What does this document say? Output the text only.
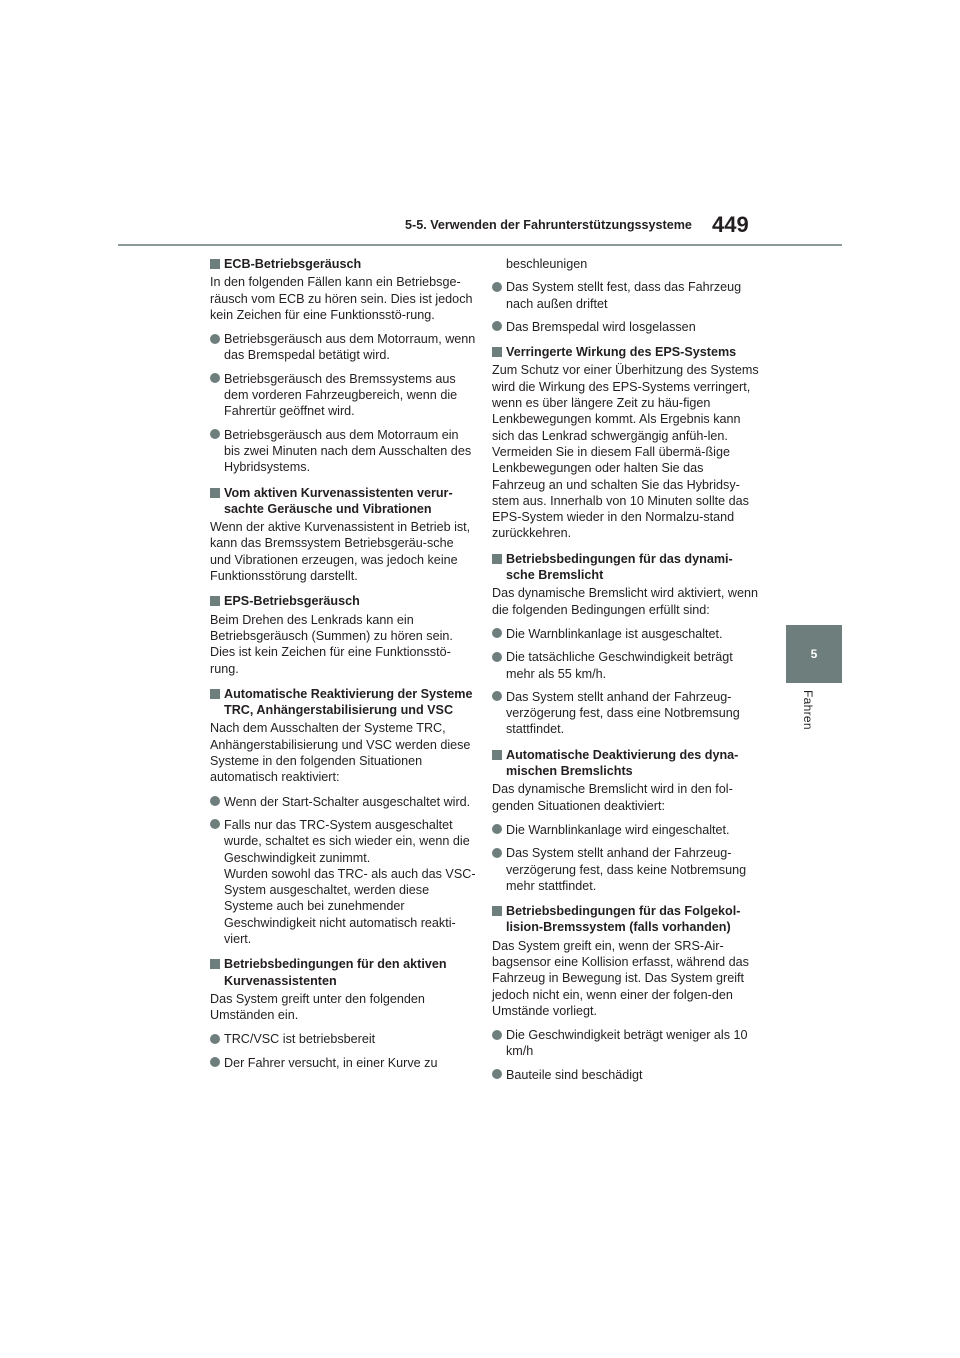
5-5. Verwenden der Fahrunterstützungssysteme 449
5
Fahren
ECB-Betriebsgeräusch

In den folgenden Fällen kann ein Betriebsge-räusch vom ECB zu hören sein. Dies ist jedoch kein Zeichen für eine Funktionsstö-rung.

Betriebsgeräusch aus dem Motorraum, wenn das Bremspedal betätigt wird.
Betriebsgeräusch des Bremssystems aus dem vorderen Fahrzeugbereich, wenn die Fahrertür geöffnet wird.
Betriebsgeräusch aus dem Motorraum ein bis zwei Minuten nach dem Ausschalten des Hybridsystems.
Vom aktiven Kurvenassistenten verur-sachte Geräusche und Vibrationen

Wenn der aktive Kurvenassistent in Betrieb ist, kann das Bremssystem Betriebsgeräu-sche und Vibrationen erzeugen, was jedoch keine Funktionsstörung darstellt.

EPS-Betriebsgeräusch

Beim Drehen des Lenkrads kann ein Betriebsgeräusch (Summen) zu hören sein. Dies ist kein Zeichen für eine Funktionsstö-rung.

Automatische Reaktivierung der Systeme TRC, Anhängerstabilisierung und VSC

Nach dem Ausschalten der Systeme TRC, Anhängerstabilisierung und VSC werden diese Systeme in den folgenden Situationen automatisch reaktiviert:

Wenn der Start-Schalter ausgeschaltet wird.
Falls nur das TRC-System ausgeschaltet wurde, schaltet es sich wieder ein, wenn die Geschwindigkeit zunimmt.

Wurden sowohl das TRC- als auch das VSC-System ausgeschaltet, werden diese Systeme auch bei zunehmender Geschwindigkeit nicht automatisch reakti-viert.

Betriebsbedingungen für den aktiven Kurvenassistenten

Das System greift unter den folgenden Umständen ein.

TRC/VSC ist betriebsbereit
Der Fahrer versucht, in einer Kurve zu

beschleunigen

Das System stellt fest, dass das Fahrzeug nach außen driftet
Das Bremspedal wird losgelassen
Verringerte Wirkung des EPS-Systems

Zum Schutz vor einer Überhitzung des Systems wird die Wirkung des EPS-Systems verringert, wenn es über längere Zeit zu häu-figen Lenkbewegungen kommt. Als Ergebnis kann sich das Lenkrad schwergängig anfüh-len. Vermeiden Sie in diesem Fall übermä-ßige Lenkbewegungen oder halten Sie das Fahrzeug an und schalten Sie das Hybridsy-stem aus. Innerhalb von 10 Minuten sollte das EPS-System wieder in den Normalzu-stand zurückkehren.

Betriebsbedingungen für das dynami-sche Bremslicht

Das dynamische Bremslicht wird aktiviert, wenn die folgenden Bedingungen erfüllt sind:

Die Warnblinkanlage ist ausgeschaltet.
Die tatsächliche Geschwindigkeit beträgt mehr als 55 km/h.
Das System stellt anhand der Fahrzeug-verzögerung fest, dass eine Notbremsung stattfindet.
Automatische Deaktivierung des dyna-mischen Bremslichts

Das dynamische Bremslicht wird in den fol-genden Situationen deaktiviert:

Die Warnblinkanlage wird eingeschaltet.
Das System stellt anhand der Fahrzeug-verzögerung fest, dass keine Notbremsung mehr stattfindet.
Betriebsbedingungen für das Folgekol-lision-Bremssystem (falls vorhanden)

Das System greift ein, wenn der SRS-Air-bagsensor eine Kollision erfasst, während das Fahrzeug in Bewegung ist. Das System greift jedoch nicht ein, wenn einer der folgen-den Umstände vorliegt.

Die Geschwindigkeit beträgt weniger als 10 km/h
Bauteile sind beschädigt
